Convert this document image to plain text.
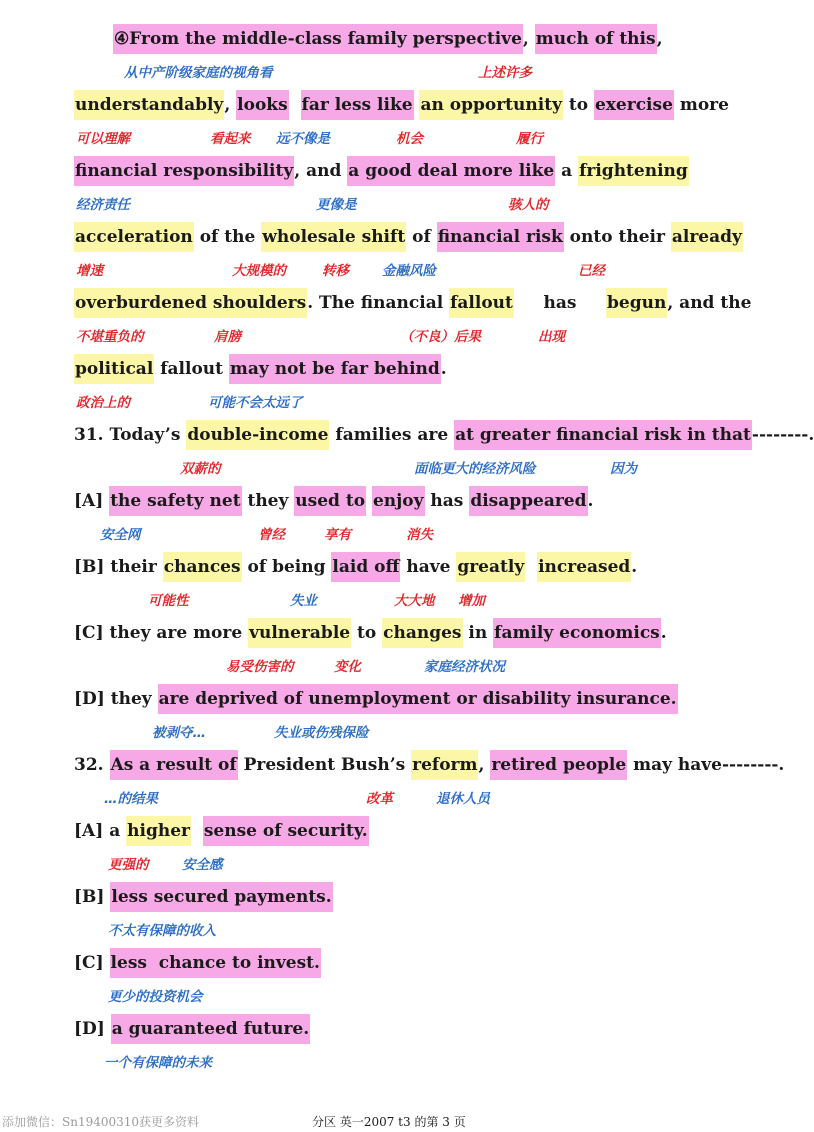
④From the middle-class family perspective, much of this,
understandably, looks far less like an opportunity to exercise more
financial responsibility, and a good deal more like a frightening
acceleration of the wholesale shift of financial risk onto their already
overburdened shoulders. The financial fallout     has     begun, and the
political fallout may not be far behind.
31. Today’s double-income families are at greater financial risk in that--------.
[A] the safety net they used to enjoy has disappeared.
[B] their chances of being laid off have greatly increased.
[C] they are more vulnerable to changes in family economics.
[D] they are deprived of unemployment or disability insurance.
32. As a result of President Bush’s reform, retired people may have--------.
[A] a higher sense of security.
[B] less secured payments.
[C] less  chance to invest.
[D] a guaranteed future.
从中产阶级家庭的视角看	上述许多
可以理解	看起来 远不像是	机会	履行
经济责任	更像是	骇人的
增速	大规模的	转移 金融风险	已经
不堪重负的	肩膀	（不良）后果	出现
政治上的	可能不会太远了
双薪的	面临更大的经济风险	因为
安全网	曾经	享有	消失
可能性	失业	大大地 增加
易受伤害的	变化	家庭经济状况
被剥夺…	失业或伤残保险
…的结果	改革	退休人员
更强的 安全感
不太有保障的收入
更少的投资机会
一个有保障的未来
添加微信：Sn19400310获更多资料	分区 英一2007 t3 的第 3 页
